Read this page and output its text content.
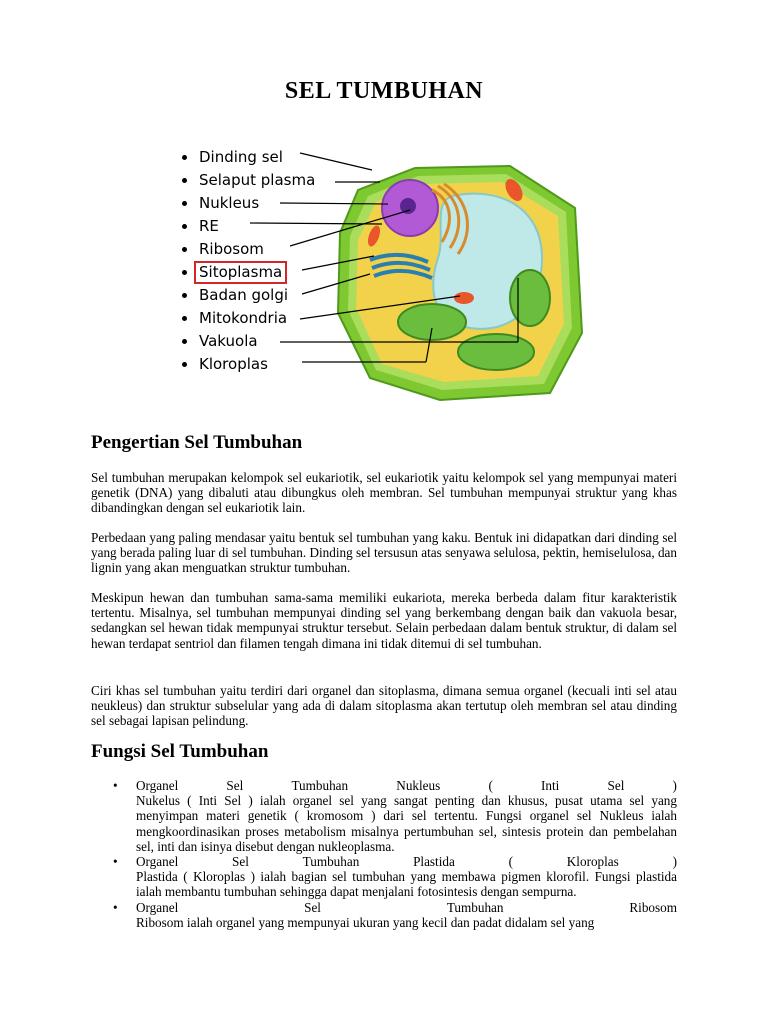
SEL TUMBUHAN
Dinding sel
Selaput plasma
Nukleus
RE
Ribosom
Sitoplasma
Badan golgi
Mitokondria
Vakuola
Kloroplas
Pengertian Sel Tumbuhan

Sel tumbuhan merupakan kelompok sel eukariotik, sel eukariotik yaitu kelompok sel yang mempunyai materi genetik (DNA) yang dibaluti atau dibungkus oleh membran. Sel tumbuhan mempunyai struktur yang khas dibandingkan dengan sel eukariotik lain.

Perbedaan yang paling mendasar yaitu bentuk sel tumbuhan yang kaku. Bentuk ini didapatkan dari dinding sel yang berada paling luar di sel tumbuhan. Dinding sel tersusun atas senyawa selulosa, pektin, hemiselulosa, dan lignin yang akan menguatkan struktur tumbuhan.

Meskipun hewan dan tumbuhan sama-sama memiliki eukariota, mereka berbeda dalam fitur karakteristik tertentu. Misalnya, sel tumbuhan mempunyai dinding sel yang berkembang dengan baik dan vakuola besar, sedangkan sel hewan tidak mempunyai struktur tersebut. Selain perbedaan dalam bentuk struktur, di dalam sel hewan terdapat sentriol dan filamen tengah dimana ini tidak ditemui di sel tumbuhan.

Ciri khas sel tumbuhan yaitu terdiri dari organel dan sitoplasma, dimana semua organel (kecuali inti sel atau neukleus) dan struktur subselular yang ada di dalam sitoplasma akan tertutup oleh membran sel atau dinding sel sebagai lapisan pelindung.

Fungsi Sel Tumbuhan
• Organel	Sel	Tumbuhan	Nukleus	(	Inti	Sel	)
Nukelus ( Inti Sel ) ialah organel sel yang sangat penting dan khusus, pusat utama sel yang menyimpan materi genetik ( kromosom ) dari sel tertentu. Fungsi organel sel Nukleus ialah mengkoordinasikan proses metabolism misalnya pertumbuhan sel, sintesis protein dan pembelahan sel, inti dan isinya disebut dengan nukleoplasma.
• Organel	Sel	Tumbuhan	Plastida	(	Kloroplas	)
Plastida ( Kloroplas ) ialah bagian sel tumbuhan yang membawa pigmen klorofil. Fungsi plastida ialah membantu tumbuhan sehingga dapat menjalani fotosintesis dengan sempurna.
• Organel	Sel	Tumbuhan	Ribosom
Ribosom ialah organel yang mempunyai ukuran yang kecil dan padat didalam sel yang
